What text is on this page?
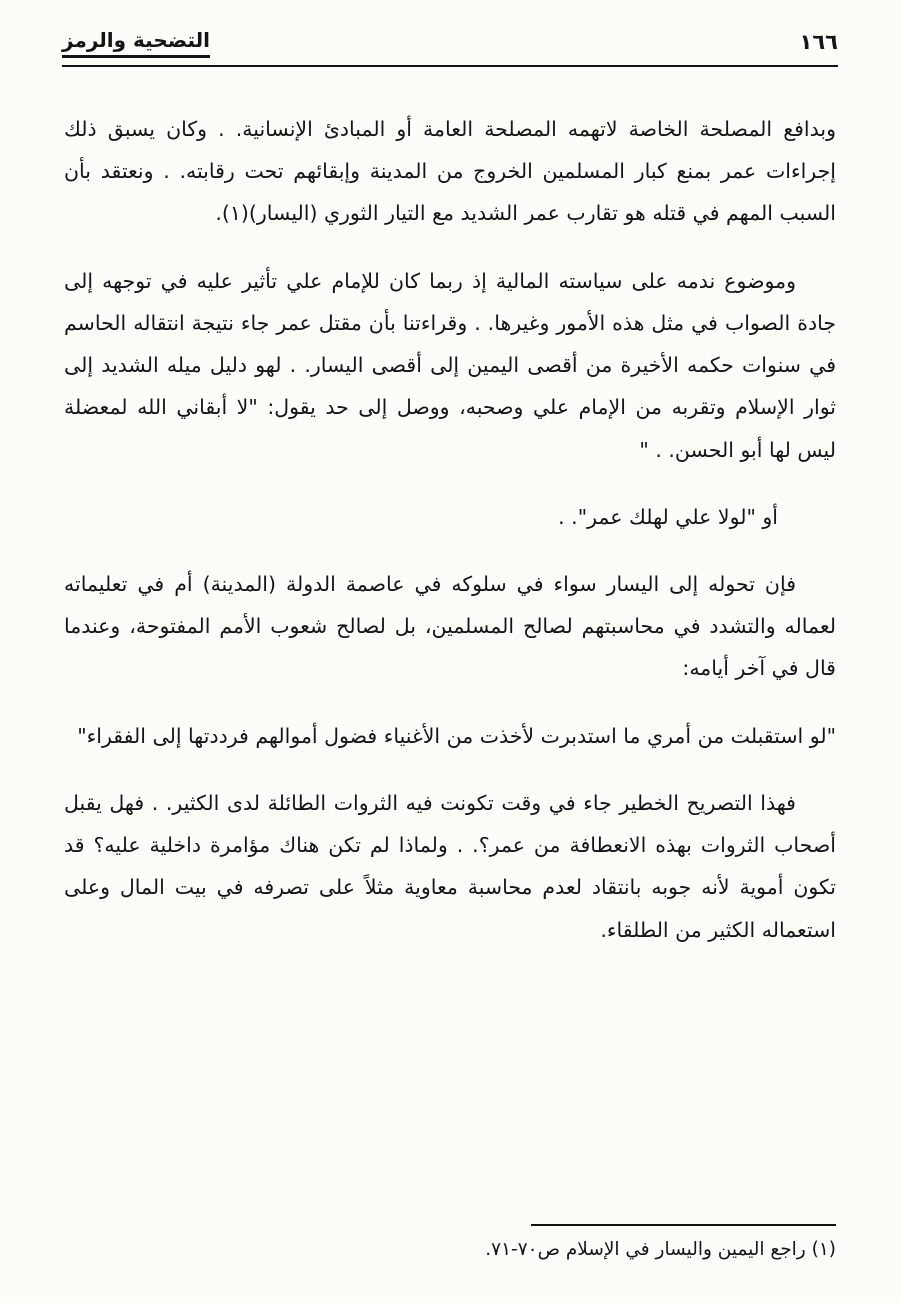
التضحية والرمز	١٦٦

وبدافع المصلحة الخاصة لاتهمه المصلحة العامة أو المبادئ الإنسانية. . وكان يسبق ذلك إجراءات عمر بمنع كبار المسلمين الخروج من المدينة وإبقائهم تحت رقابته. . ونعتقد بأن السبب المهم في قتله هو تقارب عمر الشديد مع التيار الثوري (اليسار)(١).

وموضوع ندمه على سياسته المالية إذ ربما كان للإمام علي تأثير عليه في توجهه إلى جادة الصواب في مثل هذه الأمور وغيرها. . وقراءتنا بأن مقتل عمر جاء نتيجة انتقاله الحاسم في سنوات حكمه الأخيرة من أقصى اليمين إلى أقصى اليسار. . لهو دليل ميله الشديد إلى ثوار الإسلام وتقربه من الإمام علي وصحبه، ووصل إلى حد يقول: "لا أبقاني الله لمعضلة ليس لها أبو الحسن. . "

أو "لولا علي لهلك عمر". .

فإن تحوله إلى اليسار سواء في سلوكه في عاصمة الدولة (المدينة) أم في تعليماته لعماله والتشدد في محاسبتهم لصالح المسلمين، بل لصالح شعوب الأمم المفتوحة، وعندما قال في آخر أيامه:

"لو استقبلت من أمري ما استدبرت لأخذت من الأغنياء فضول أموالهم فرددتها إلى الفقراء"

فهذا التصريح الخطير جاء في وقت تكونت فيه الثروات الطائلة لدى الكثير. . فهل يقبل أصحاب الثروات بهذه الانعطافة من عمر؟. . ولماذا لم تكن هناك مؤامرة داخلية عليه؟ قد تكون أموية لأنه جوبه بانتقاد لعدم محاسبة معاوية مثلاً على تصرفه في بيت المال وعلى استعماله الكثير من الطلقاء.

(١) راجع اليمين واليسار في الإسلام ص٧٠-٧١.
